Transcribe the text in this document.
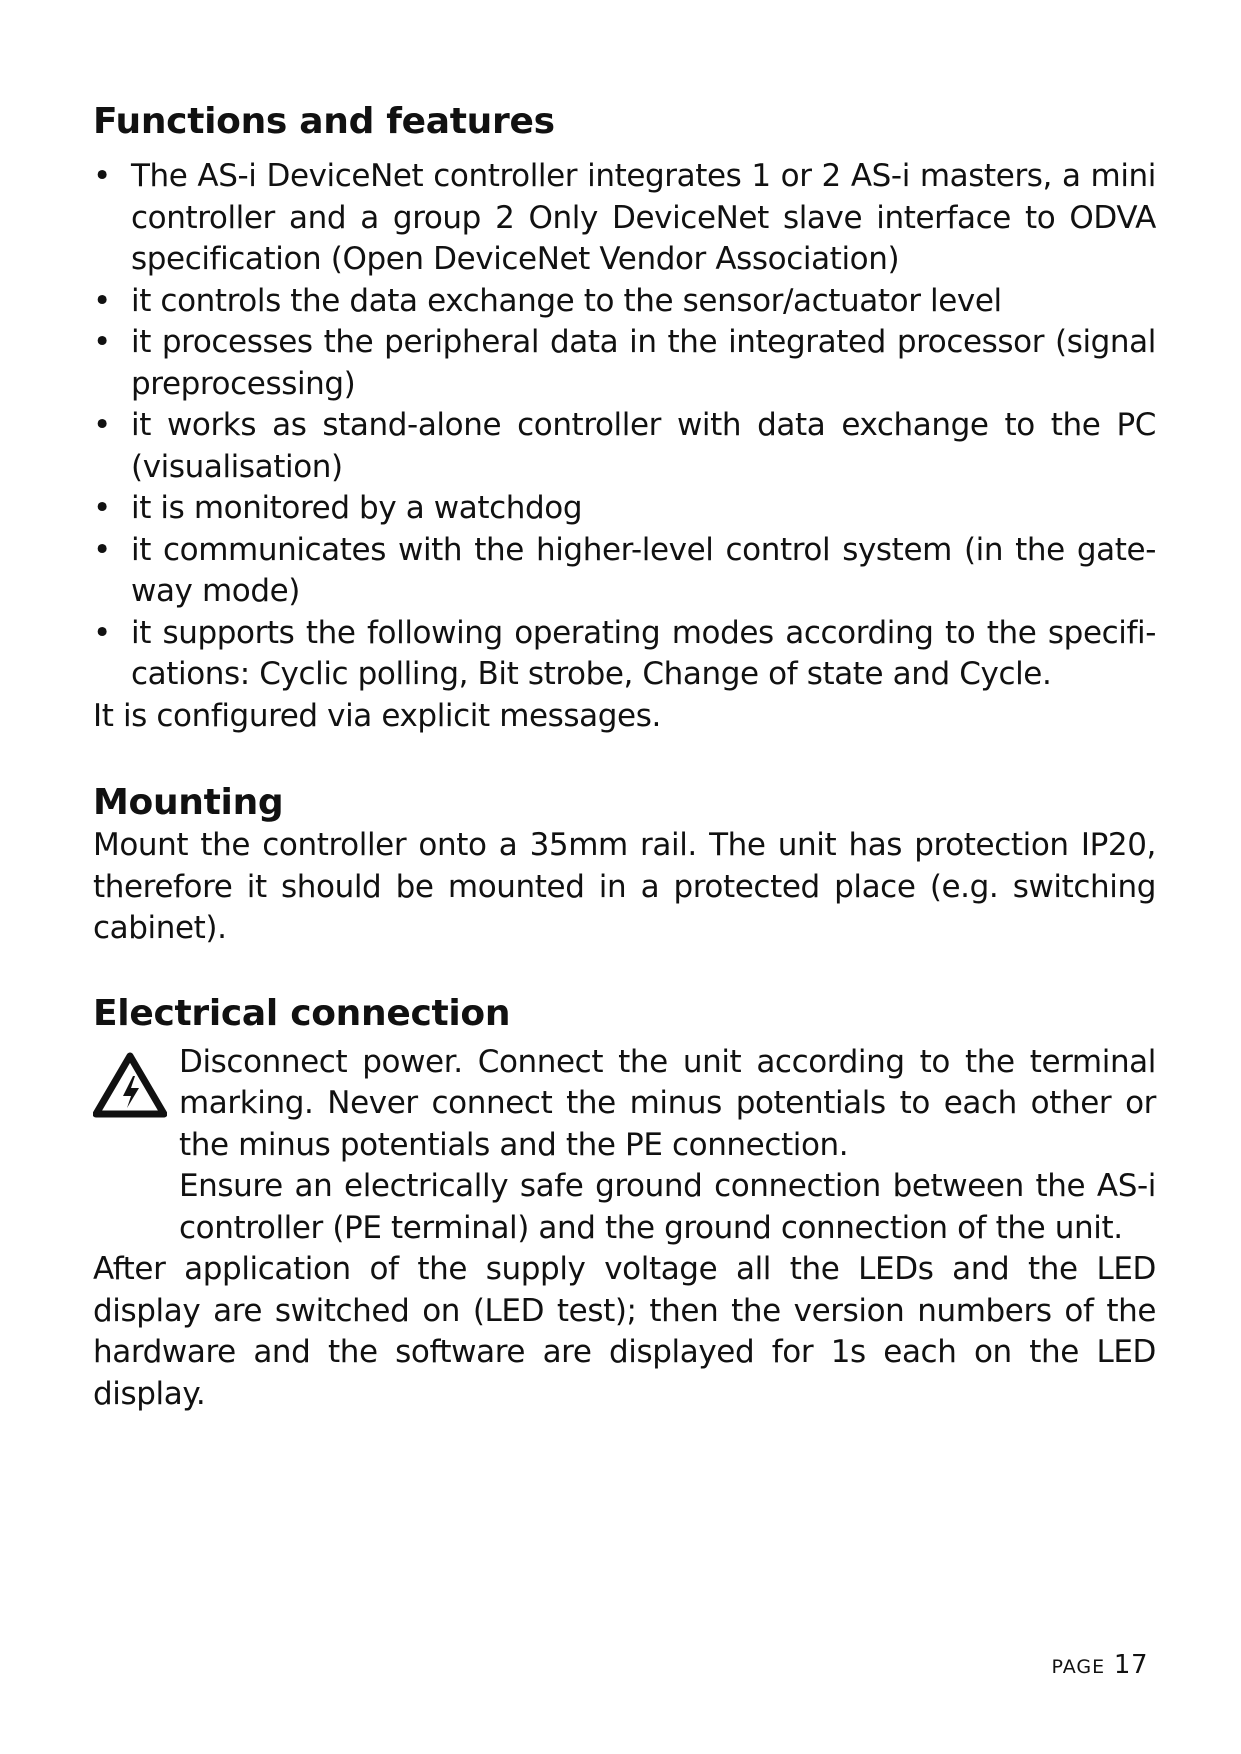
Functions and features
• The AS-i DeviceNet controller integrates 1 or 2 AS-i masters, a mini controller and a group 2 Only DeviceNet slave interface to ODVA specification (Open DeviceNet Vendor Association)
• it controls the data exchange to the sensor/actuator level
• it processes the peripheral data in the integrated processor (signal preprocessing)
• it works as stand-alone controller with data exchange to the PC (visualisation)
• it is monitored by a watchdog
• it communicates with the higher-level control system (in the gate-way mode)
• it supports the following operating modes according to the specifi-cations: Cyclic polling, Bit strobe, Change of state and Cycle.

It is configured via explicit messages.

Mounting

Mount the controller onto a 35mm rail. The unit has protection IP20, therefore it should be mounted in a protected place (e.g. switching cabinet).

Electrical connection

Disconnect power. Connect the unit according to the terminal marking. Never connect the minus potentials to each other or the minus potentials and the PE connection.

Ensure an electrically safe ground connection between the AS-i controller (PE terminal) and the ground connection of the unit.

After application of the supply voltage all the LEDs and the LED display are switched on (LED test); then the version numbers of the hardware and the software are displayed for 1s each on the LED display.

PAGE 17
